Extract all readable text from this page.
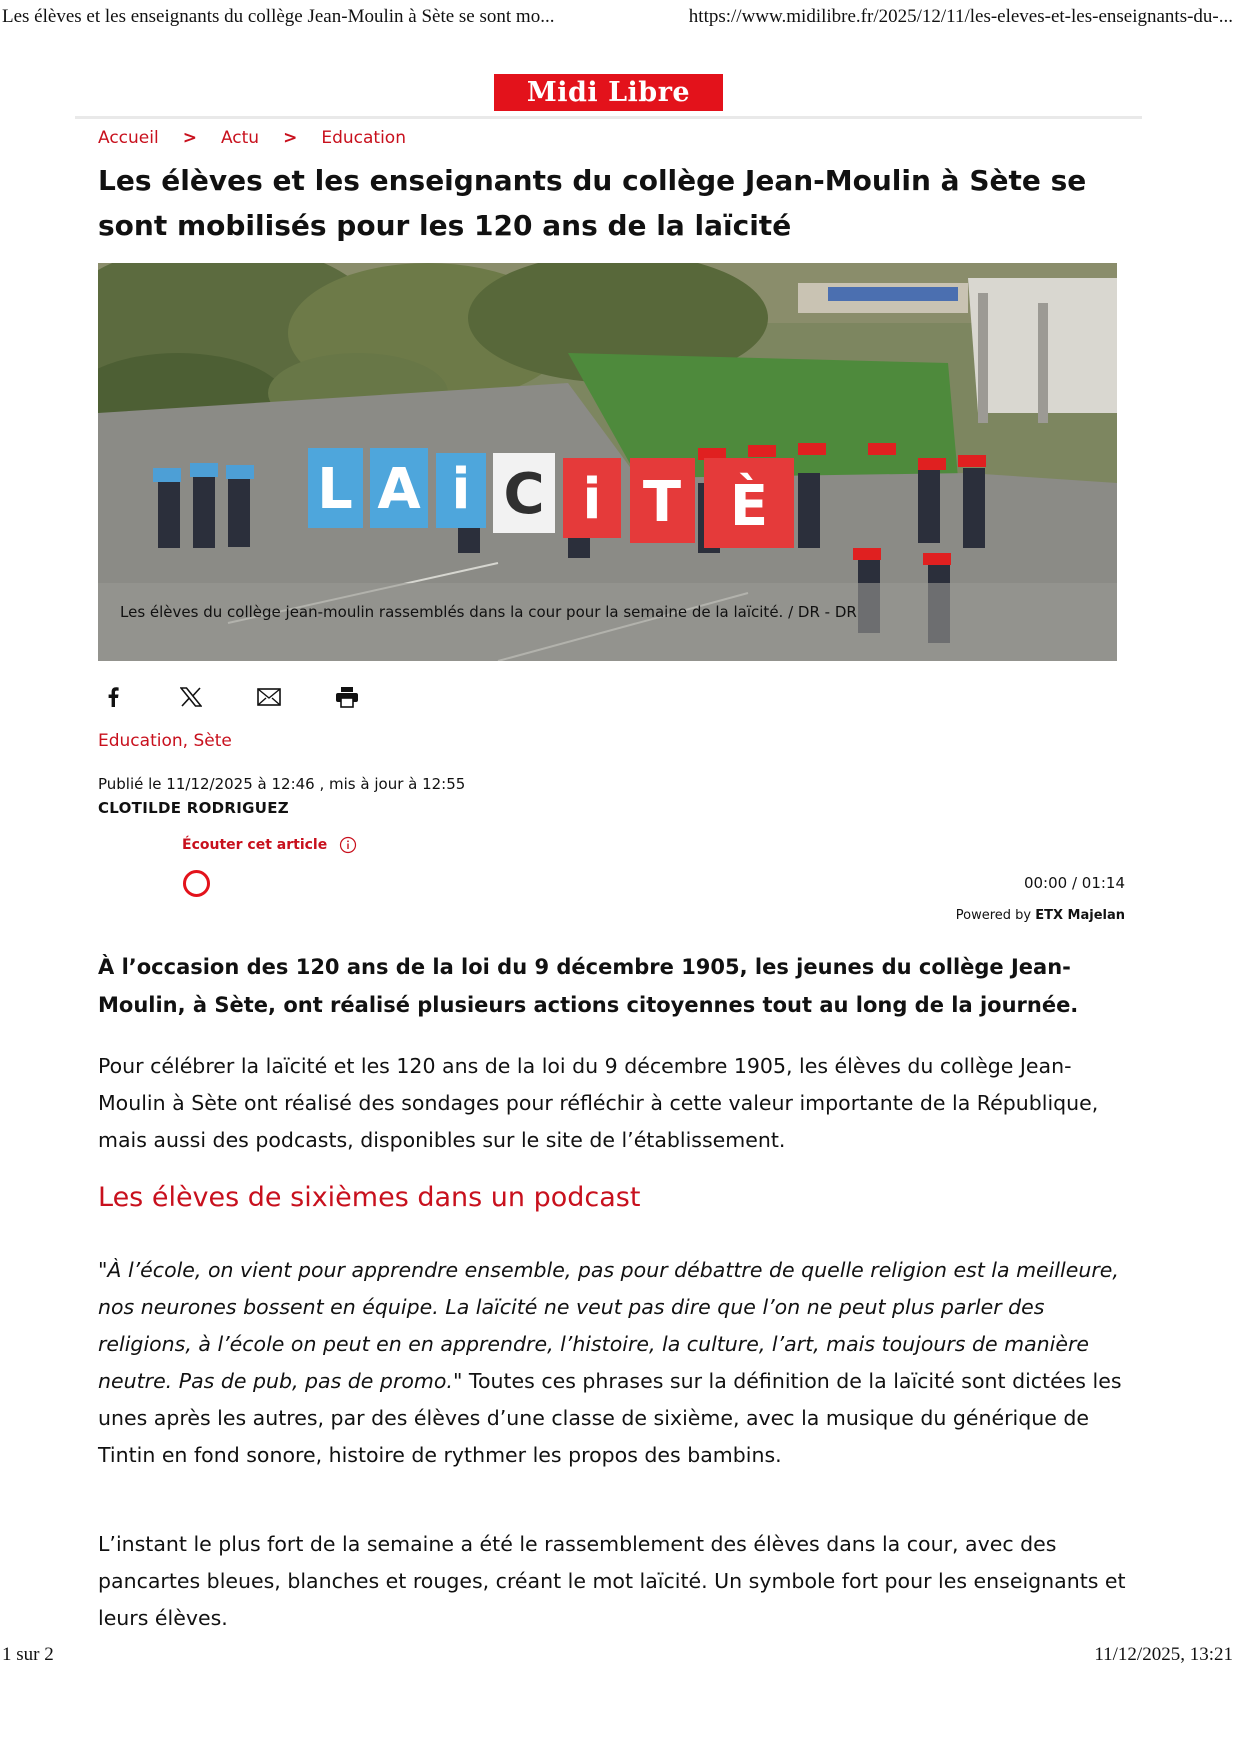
Les élèves et les enseignants du collège Jean-Moulin à Sète se sont mo...	https://www.midilibre.fr/2025/12/11/les-eleves-et-les-enseignants-du-...
Midi Libre
Accueil > Actu > Education
Les élèves et les enseignants du collège Jean-Moulin à Sète se sont mobilisés pour les 120 ans de la laïcité
L A i C i T È
Les élèves du collège jean-moulin rassemblés dans la cour pour la semaine de la laïcité. / DR - DR
Education, Sète
Publié le 11/12/2025 à 12:46 , mis à jour à 12:55
CLOTILDE RODRIGUEZ
Écouter cet article
00:00 / 01:14
Powered by ETX Majelan

À l’occasion des 120 ans de la loi du 9 décembre 1905, les jeunes du collège Jean-Moulin, à Sète, ont réalisé plusieurs actions citoyennes tout au long de la journée.

Pour célébrer la laïcité et les 120 ans de la loi du 9 décembre 1905, les élèves du collège Jean-Moulin à Sète ont réalisé des sondages pour réfléchir à cette valeur importante de la République, mais aussi des podcasts, disponibles sur le site de l’établissement.

Les élèves de sixièmes dans un podcast

"À l’école, on vient pour apprendre ensemble, pas pour débattre de quelle religion est la meilleure, nos neurones bossent en équipe. La laïcité ne veut pas dire que l’on ne peut plus parler des religions, à l’école on peut en en apprendre, l’histoire, la culture, l’art, mais toujours de manière neutre. Pas de pub, pas de promo." Toutes ces phrases sur la définition de la laïcité sont dictées les unes après les autres, par des élèves d’une classe de sixième, avec la musique du générique de Tintin en fond sonore, histoire de rythmer les propos des bambins.

L’instant le plus fort de la semaine a été le rassemblement des élèves dans la cour, avec des pancartes bleues, blanches et rouges, créant le mot laïcité. Un symbole fort pour les enseignants et leurs élèves.

1 sur 2	11/12/2025, 13:21
